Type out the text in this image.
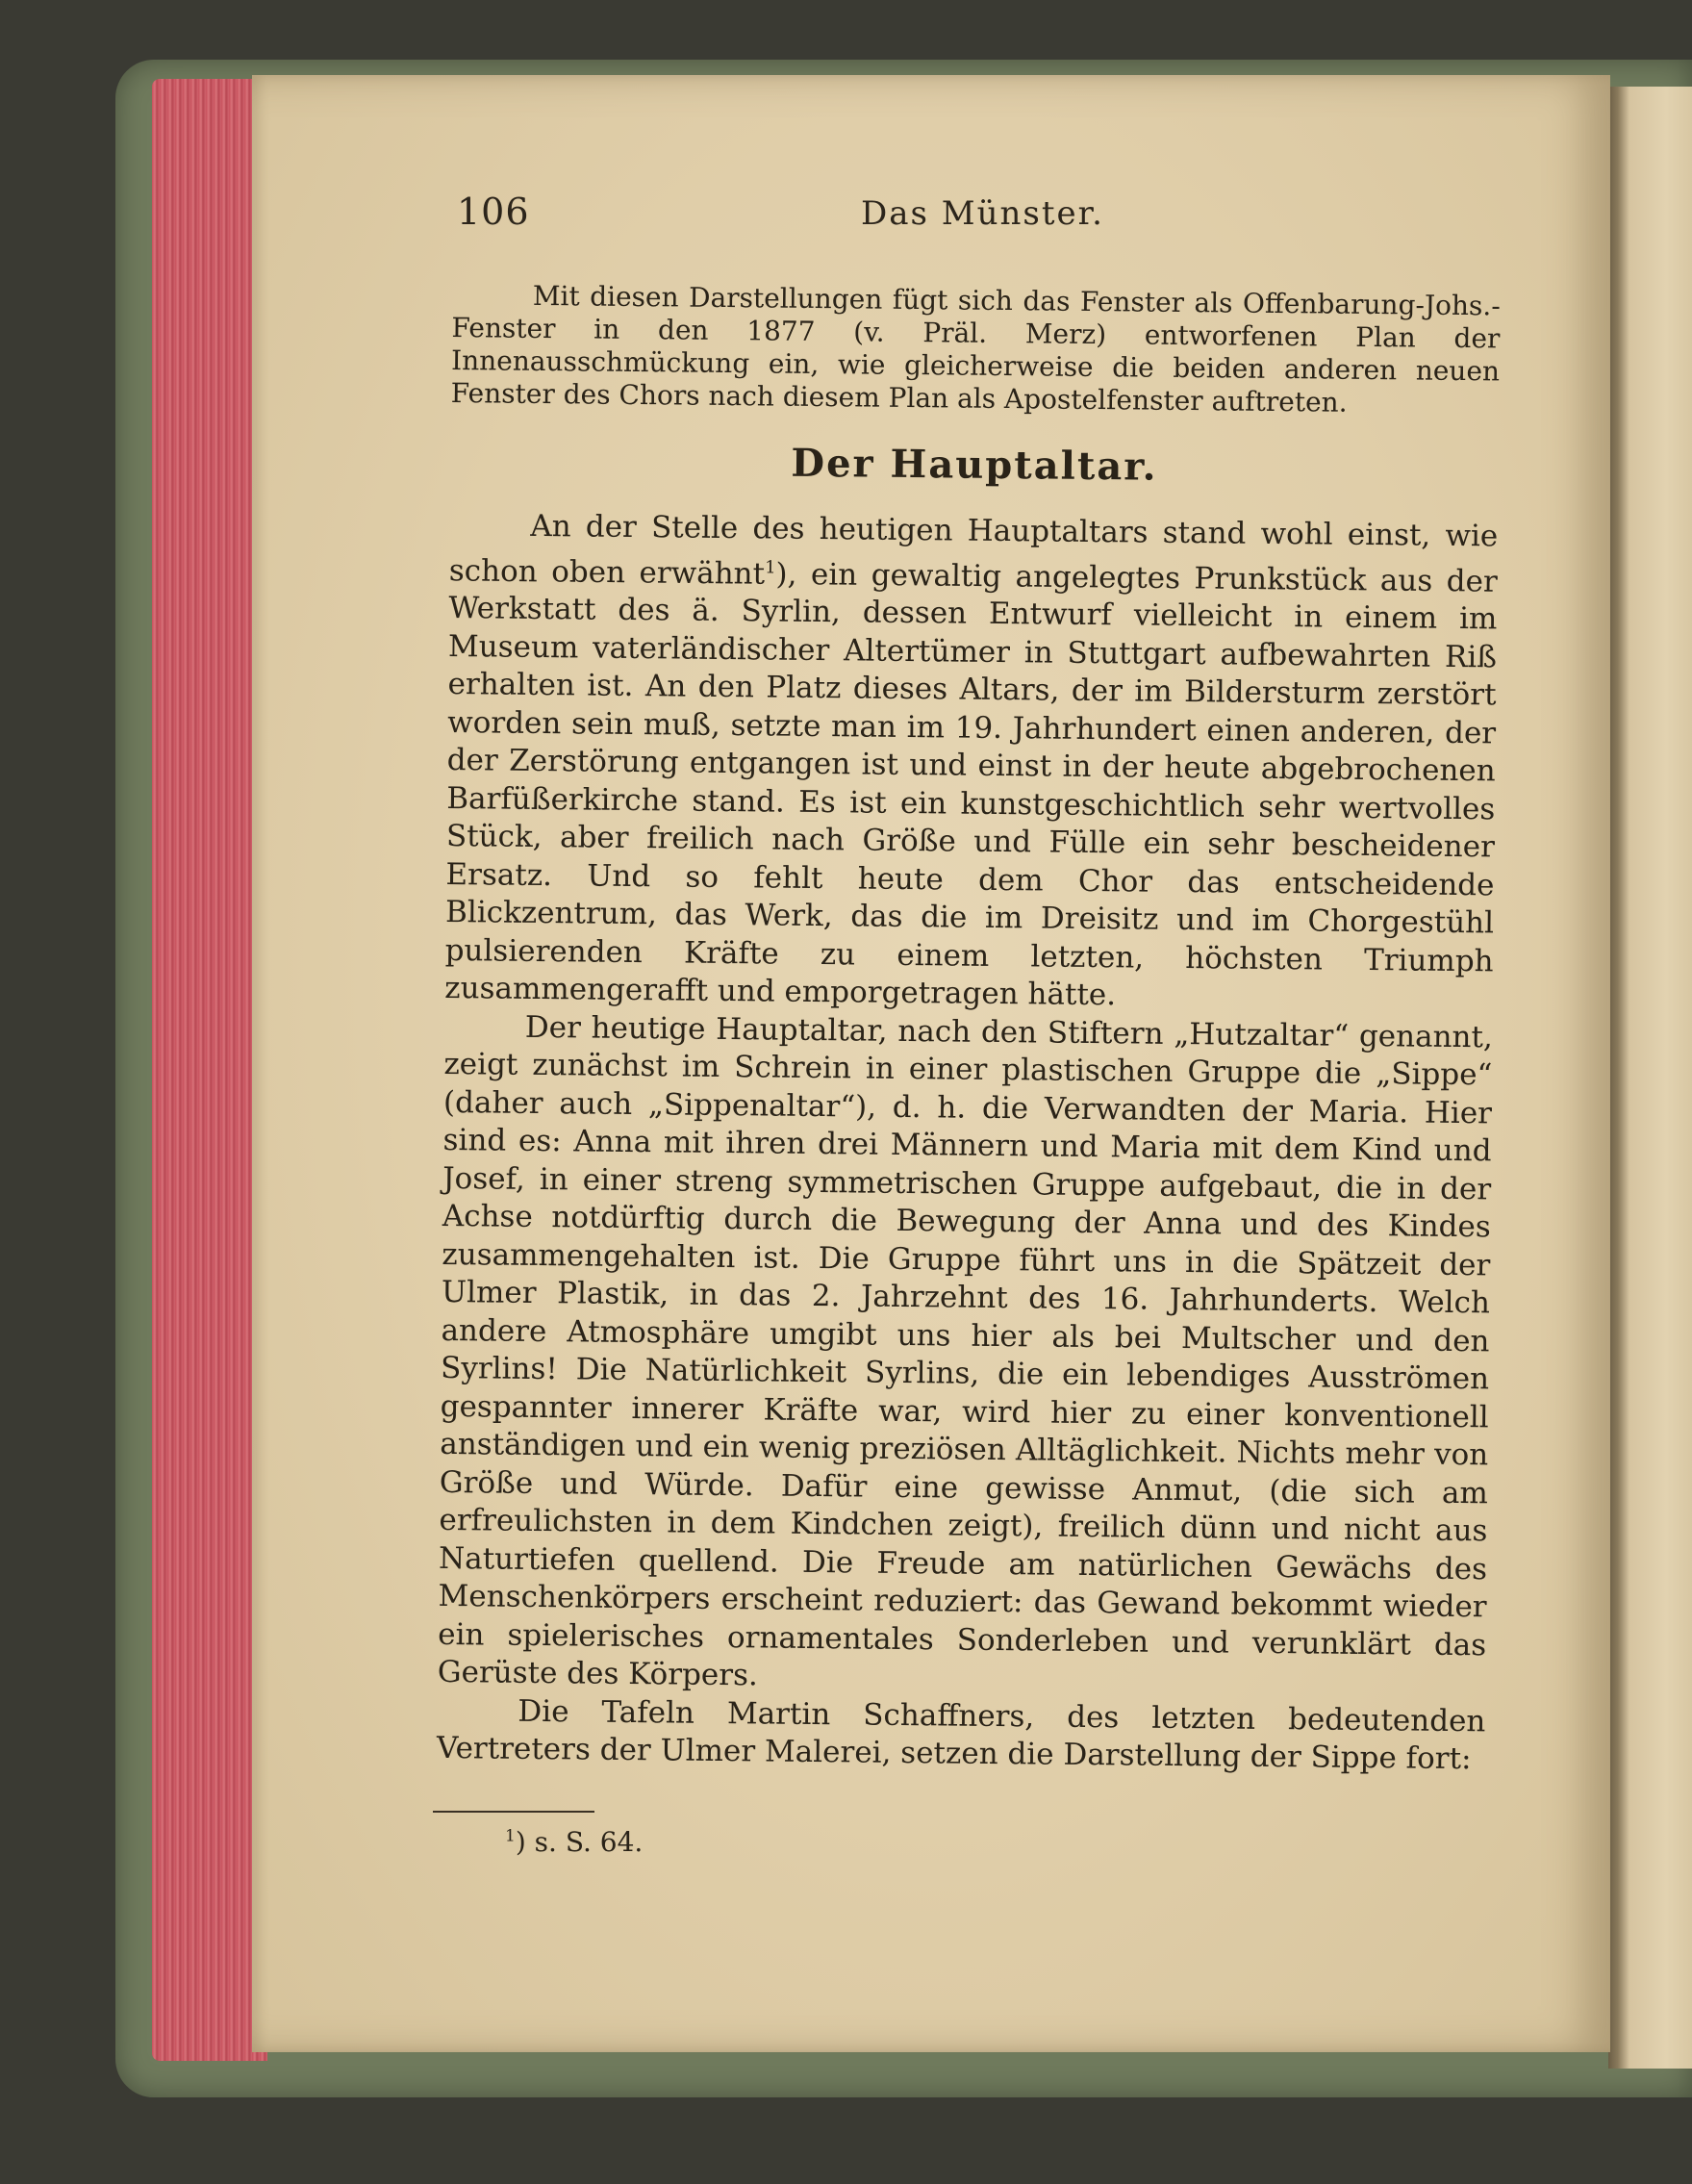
106	Das Münster.

Mit diesen Darstellungen fügt sich das Fenster als Offenbarung-Johs.-Fenster in den 1877 (v. Präl. Merz) entworfenen Plan der Innenausschmückung ein, wie gleicherweise die beiden anderen neuen Fenster des Chors nach diesem Plan als Apostelfenster auftreten.

Der Hauptaltar.

An der Stelle des heutigen Hauptaltars stand wohl einst, wie schon oben erwähnt$^1$), ein gewaltig angelegtes Prunkstück aus der Werkstatt des ä. Syrlin, dessen Entwurf vielleicht in einem im Museum vaterländischer Altertümer in Stuttgart aufbewahrten Riß erhalten ist. An den Platz dieses Altars, der im Bildersturm zerstört worden sein muß, setzte man im 19. Jahrhundert einen anderen, der der Zerstörung entgangen ist und einst in der heute abgebrochenen Barfüßerkirche stand. Es ist ein kunstgeschichtlich sehr wertvolles Stück, aber freilich nach Größe und Fülle ein sehr bescheidener Ersatz. Und so fehlt heute dem Chor das entscheidende Blickzentrum, das Werk, das die im Dreisitz und im Chorgestühl pulsierenden Kräfte zu einem letzten, höchsten Triumph zusammengerafft und emporgetragen hätte.

Der heutige Hauptaltar, nach den Stiftern „Hutzaltar“ genannt, zeigt zunächst im Schrein in einer plastischen Gruppe die „Sippe“ (daher auch „Sippenaltar“), d. h. die Verwandten der Maria. Hier sind es: Anna mit ihren drei Männern und Maria mit dem Kind und Josef, in einer streng symmetrischen Gruppe aufgebaut, die in der Achse notdürftig durch die Bewegung der Anna und des Kindes zusammengehalten ist. Die Gruppe führt uns in die Spätzeit der Ulmer Plastik, in das 2. Jahrzehnt des 16. Jahrhunderts. Welch andere Atmosphäre umgibt uns hier als bei Multscher und den Syrlins! Die Natürlichkeit Syrlins, die ein lebendiges Ausströmen gespannter innerer Kräfte war, wird hier zu einer konventionell anständigen und ein wenig preziösen Alltäglichkeit. Nichts mehr von Größe und Würde. Dafür eine gewisse Anmut, (die sich am erfreulichsten in dem Kindchen zeigt), freilich dünn und nicht aus Naturtiefen quellend. Die Freude am natürlichen Gewächs des Menschenkörpers erscheint reduziert: das Gewand bekommt wieder ein spielerisches ornamentales Sonderleben und verunklärt das Gerüste des Körpers.

Die Tafeln Martin Schaffners, des letzten bedeutenden Vertreters der Ulmer Malerei, setzen die Darstellung der Sippe fort:

$^1$) s. S. 64.
